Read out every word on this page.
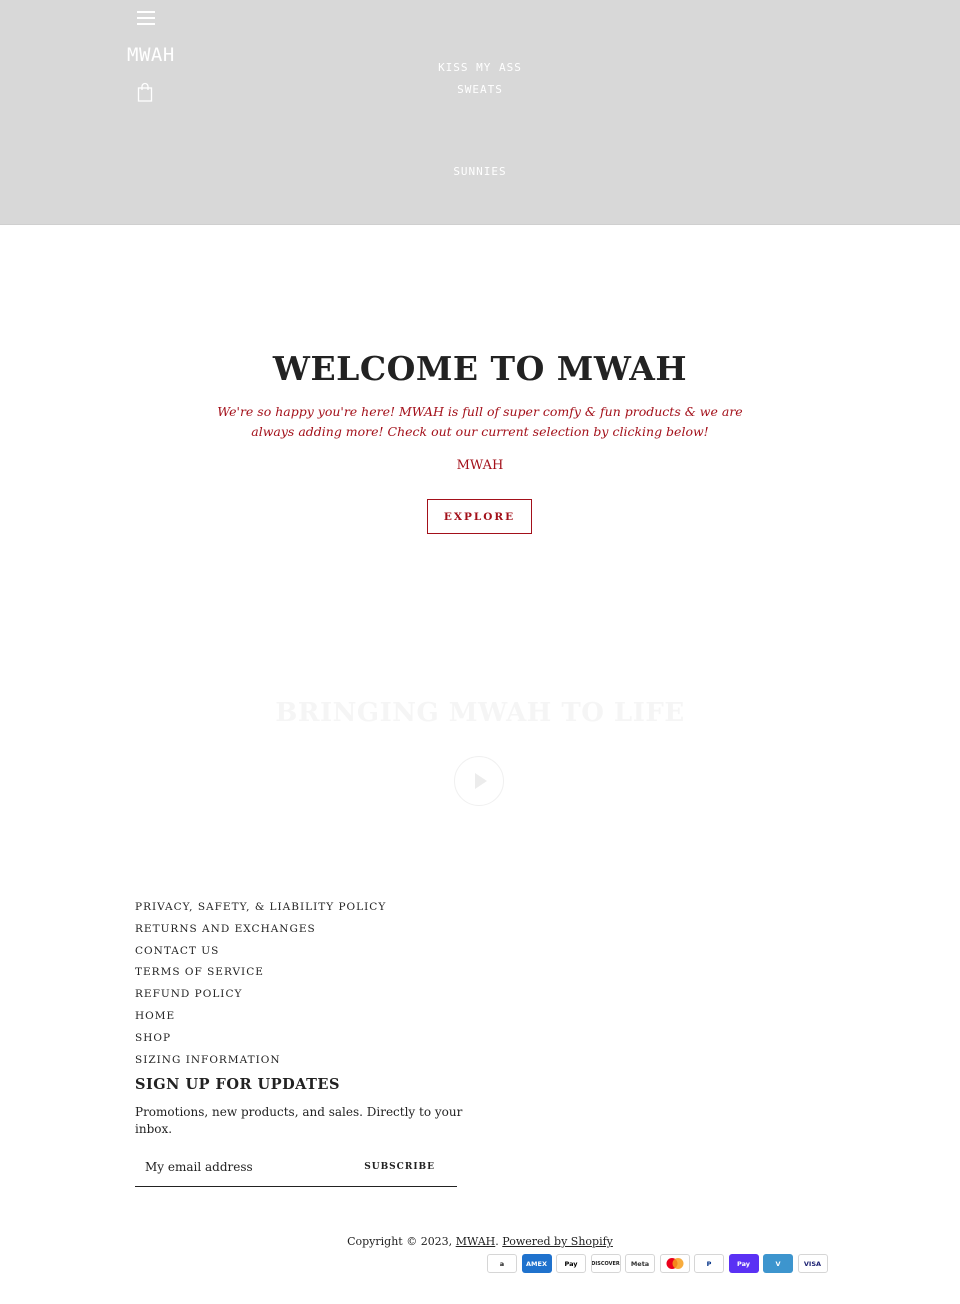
MWAH
KISS MY ASS
SWEATS
SUNNIES
WELCOME TO MWAH
We're so happy you're here! MWAH is full of super comfy & fun products & we are always adding more! Check out our current selection by clicking below!
MWAH
EXPLORE
BRINGING MWAH TO LIFE
PRIVACY, SAFETY, & LIABILITY POLICY
RETURNS AND EXCHANGES
CONTACT US
TERMS OF SERVICE
REFUND POLICY
HOME
SHOP
SIZING INFORMATION
SIGN UP FOR UPDATES
Promotions, new products, and sales. Directly to your inbox.
My email address
SUBSCRIBE
Copyright © 2023, MWAH. Powered by Shopify
a	AMEX	Pay	DISCOVER	Meta	P	Pay	V	VISA
